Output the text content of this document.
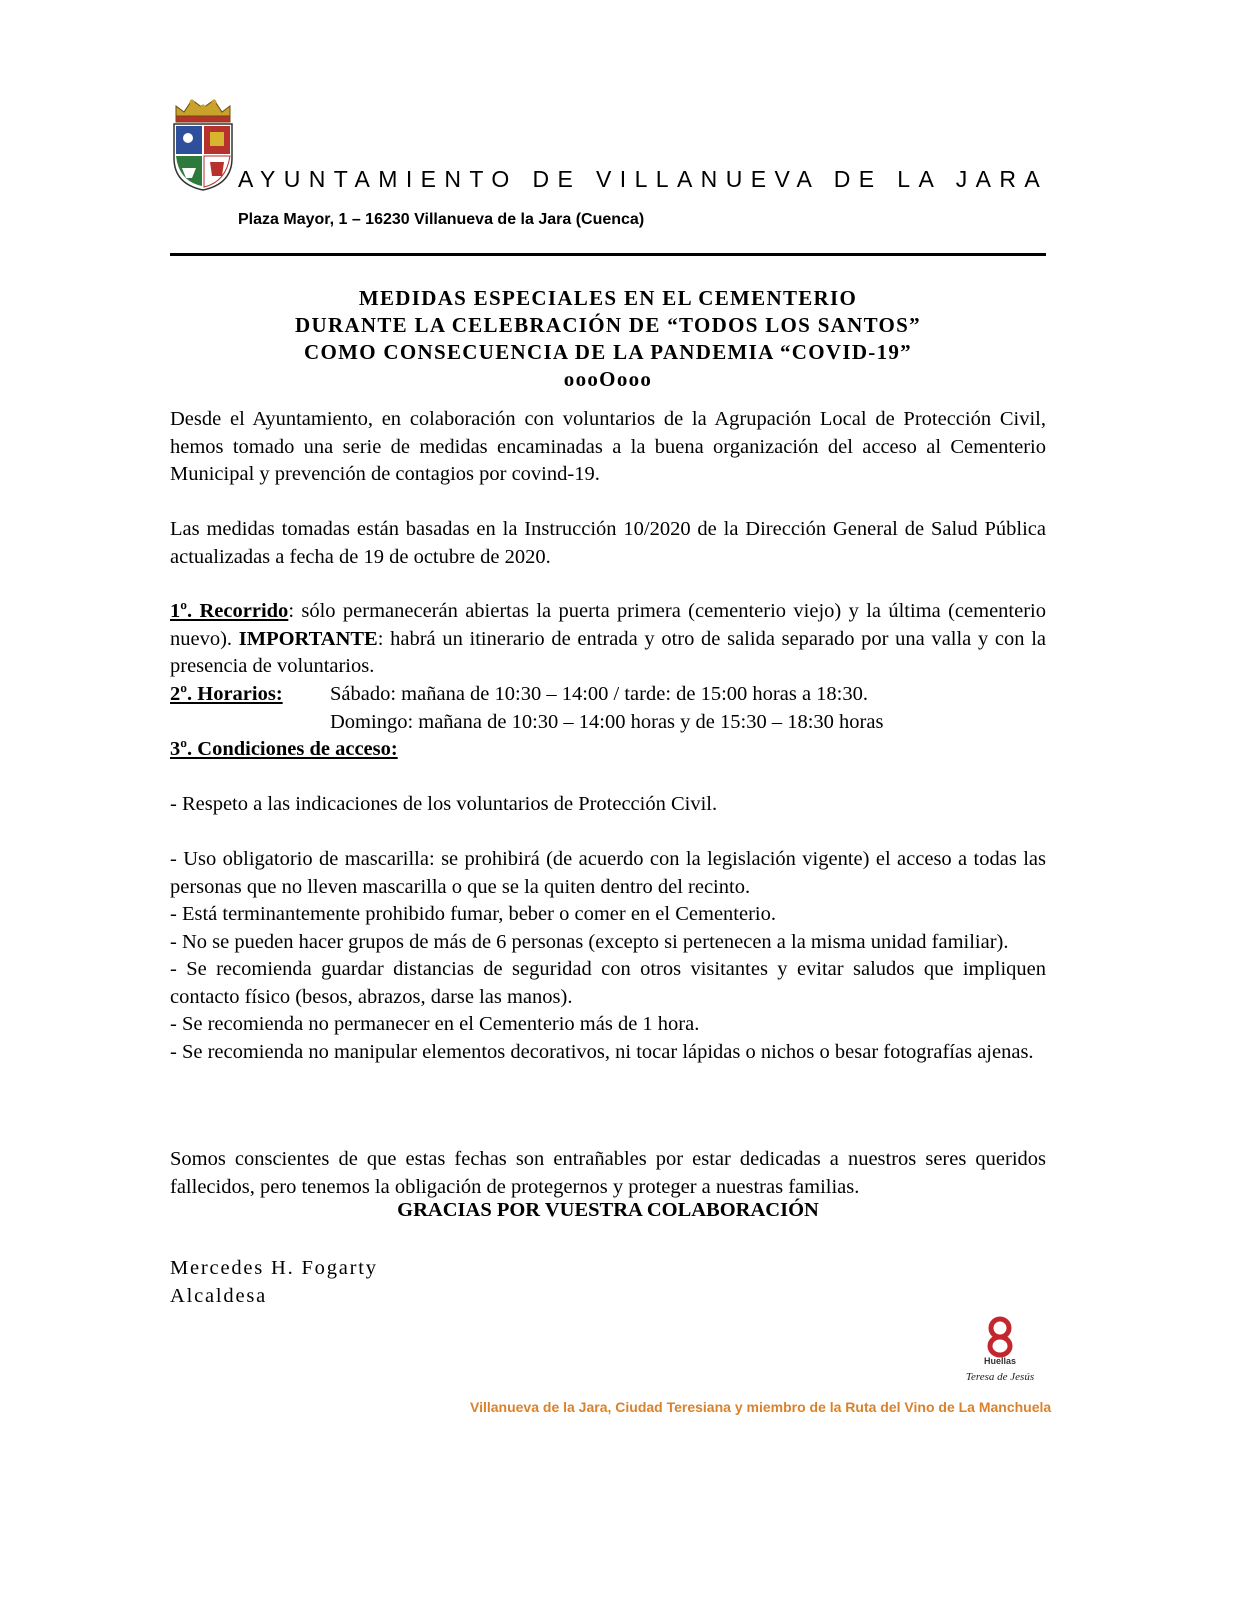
AYUNTAMIENTO DE VILLANUEVA DE LA JARA
Plaza Mayor, 1 – 16230 Villanueva de la Jara (Cuenca)
MEDIDAS ESPECIALES EN EL CEMENTERIO
DURANTE LA CELEBRACIÓN DE “TODOS LOS SANTOS”
COMO CONSECUENCIA DE LA PANDEMIA “COVID-19”
oooOooo

Desde el Ayuntamiento, en colaboración con voluntarios de la Agrupación Local de Protección Civil, hemos tomado una serie de medidas encaminadas a la buena organización del acceso al Cementerio Municipal y prevención de contagios por covind-19.

Las medidas tomadas están basadas en la Instrucción 10/2020 de la Dirección General de Salud Pública actualizadas a fecha de 19 de octubre de 2020.

1º. Recorrido: sólo permanecerán abiertas la puerta primera (cementerio viejo) y la última (cementerio nuevo). IMPORTANTE: habrá un itinerario de entrada y otro de salida separado por una valla y con la presencia de voluntarios.

2º. Horarios:	Sábado: mañana de 10:30 – 14:00 / tarde: de 15:00 horas a 18:30.
Domingo: mañana de 10:30 – 14:00 horas y de 15:30 – 18:30 horas
3º. Condiciones de acceso:
- Respeto a las indicaciones de los voluntarios de Protección Civil.
- Uso obligatorio de mascarilla: se prohibirá (de acuerdo con la legislación vigente) el acceso a todas las personas que no lleven mascarilla o que se la quiten dentro del recinto.
- Está terminantemente prohibido fumar, beber o comer en el Cementerio.
- No se pueden hacer grupos de más de 6 personas (excepto si pertenecen a la misma unidad familiar).
- Se recomienda guardar distancias de seguridad con otros visitantes y evitar saludos que impliquen contacto físico (besos, abrazos, darse las manos).
- Se recomienda no permanecer en el Cementerio más de 1 hora.
- Se recomienda no manipular elementos decorativos, ni tocar lápidas o nichos o besar fotografías ajenas.

Somos conscientes de que estas fechas son entrañables por estar dedicadas a nuestros seres queridos fallecidos, pero tenemos la obligación de protegernos y proteger a nuestras familias.

GRACIAS POR VUESTRA COLABORACIÓN
Mercedes H. Fogarty
Alcaldesa
Huellas
Teresa de Jesús
Villanueva de la Jara, Ciudad Teresiana y miembro de la Ruta del Vino de La Manchuela
